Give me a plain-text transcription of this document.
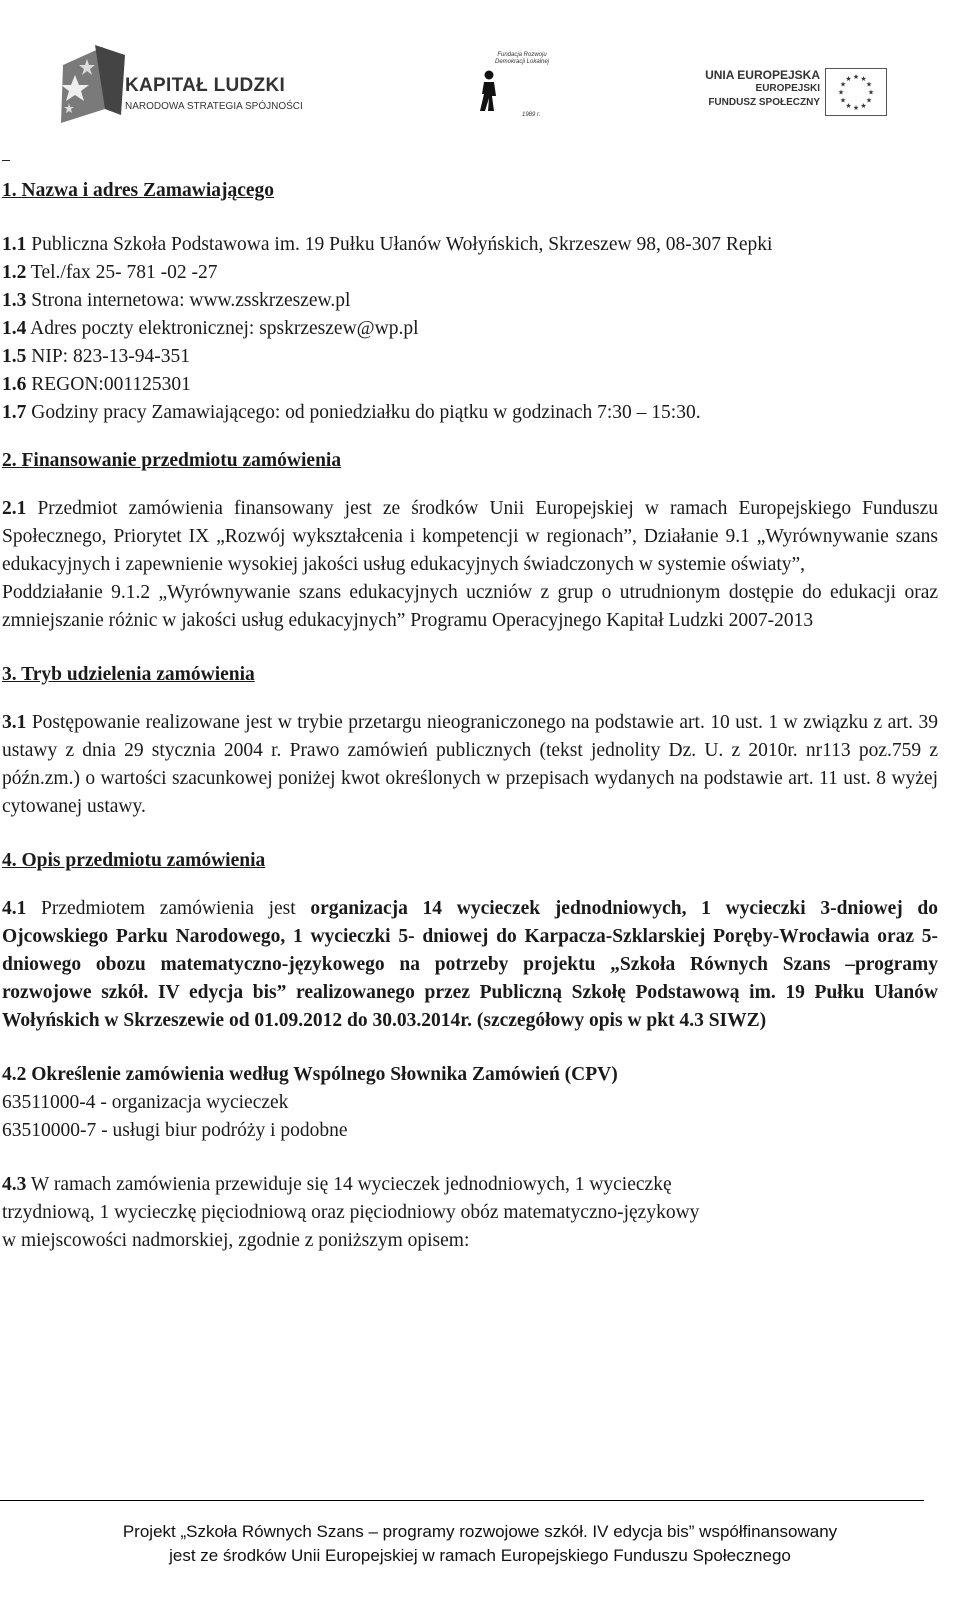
KAPITAŁ LUDZKI
NARODOWA STRATEGIA SPÓJNOŚCI
Fundacja Rozwoju Demokracji Lokalnej
1989 r.
UNIA EUROPEJSKA
EUROPEJSKI
FUNDUSZ SPOŁECZNY
★ ★
★
★
★
★
★
★
★
★
★
★

1. Nazwa i adres Zamawiającego

1.1 Publiczna Szkoła Podstawowa im. 19 Pułku Ułanów Wołyńskich, Skrzeszew 98, 08-307 Repki

1.2 Tel./fax 25- 781 -02 -27

1.3 Strona internetowa: www.zsskrzeszew.pl

1.4 Adres poczty elektronicznej: spskrzeszew@wp.pl

1.5 NIP: 823-13-94-351

1.6 REGON:001125301

1.7 Godziny pracy Zamawiającego: od poniedziałku do piątku w godzinach 7:30 – 15:30.

2. Finansowanie przedmiotu zamówienia

2.1 Przedmiot zamówienia finansowany jest ze środków Unii Europejskiej w ramach Europejskiego Funduszu Społecznego, Priorytet IX „Rozwój wykształcenia i kompetencji w regionach”, Działanie 9.1 „Wyrównywanie szans edukacyjnych i zapewnienie wysokiej jakości usług edukacyjnych świadczonych w systemie oświaty”,

Poddziałanie 9.1.2 „Wyrównywanie szans edukacyjnych uczniów z grup o utrudnionym dostępie do edukacji oraz zmniejszanie różnic w jakości usług edukacyjnych” Programu Operacyjnego Kapitał Ludzki 2007-2013

3. Tryb udzielenia zamówienia

3.1 Postępowanie realizowane jest w trybie przetargu nieograniczonego na podstawie art. 10 ust. 1 w związku z art. 39 ustawy z dnia 29 stycznia 2004 r. Prawo zamówień publicznych (tekst jednolity Dz. U. z 2010r. nr113 poz.759 z późn.zm.) o wartości szacunkowej poniżej kwot określonych w przepisach wydanych na podstawie art. 11 ust. 8 wyżej cytowanej ustawy.

4. Opis przedmiotu zamówienia

4.1 Przedmiotem zamówienia jest organizacja 14 wycieczek jednodniowych, 1 wycieczki 3-dniowej do Ojcowskiego Parku Narodowego, 1 wycieczki 5- dniowej do Karpacza-Szklarskiej Poręby-Wrocławia oraz 5-dniowego obozu matematyczno-językowego na potrzeby projektu „Szkoła Równych Szans –programy rozwojowe szkół. IV edycja bis” realizowanego przez Publiczną Szkołę Podstawową im. 19 Pułku Ułanów Wołyńskich w Skrzeszewie od 01.09.2012 do 30.03.2014r. (szczegółowy opis w pkt 4.3 SIWZ)

4.2 Określenie zamówienia według Wspólnego Słownika Zamówień (CPV)

63511000-4 - organizacja wycieczek

63510000-7 - usługi biur podróży i podobne

4.3 W ramach zamówienia przewiduje się 14 wycieczek jednodniowych, 1 wycieczkę

trzydniową, 1 wycieczkę pięciodniową oraz pięciodniowy obóz matematyczno-językowy

w miejscowości nadmorskiej, zgodnie z poniższym opisem:

Projekt „Szkoła Równych Szans – programy rozwojowe szkół. IV edycja bis” współfinansowany
jest ze środków Unii Europejskiej w ramach Europejskiego Funduszu Społecznego
